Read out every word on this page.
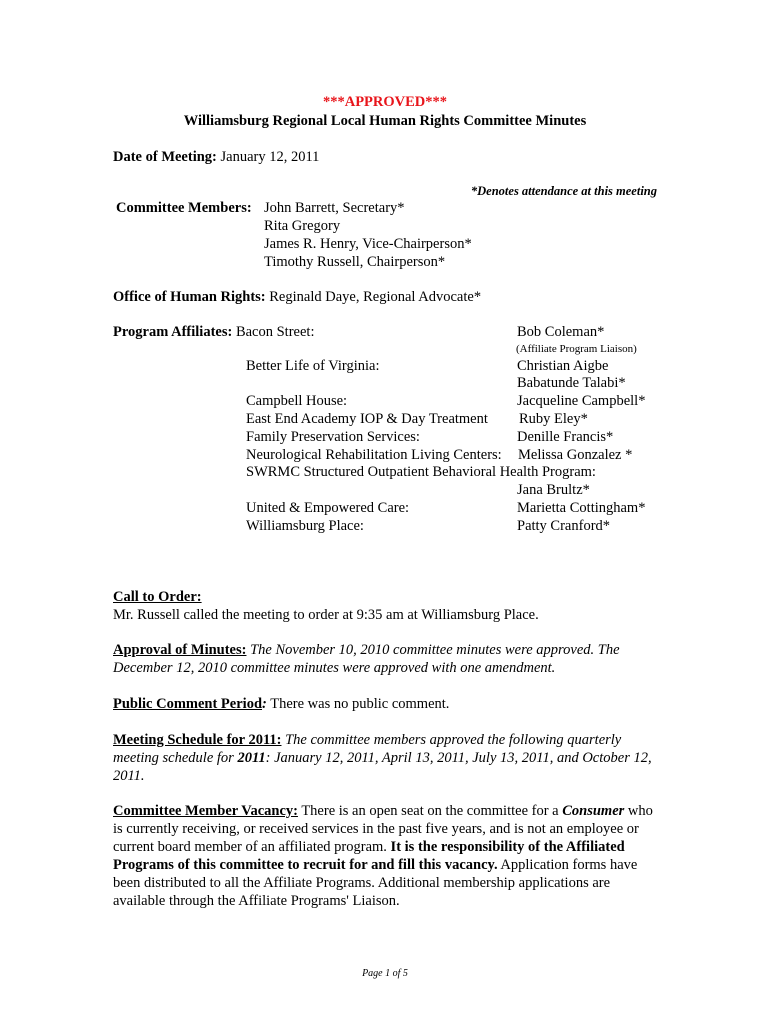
***APPROVED***
Williamsburg Regional Local Human Rights Committee Minutes
Date of Meeting: January 12, 2011
*Denotes attendance at this meeting
Committee Members: John Barrett, Secretary*
Rita Gregory
James R. Henry, Vice-Chairperson*
Timothy Russell, Chairperson*
Office of Human Rights: Reginald Daye, Regional Advocate*
Program Affiliates: Bacon Street:	Bob Coleman*
(Affiliate Program Liaison)
Better Life of Virginia:	Christian Aigbe
Babatunde Talabi*
Campbell House:	Jacqueline Campbell*
East End Academy IOP & Day Treatment Ruby Eley*
Family Preservation Services:	Denille Francis*
Neurological Rehabilitation Living Centers: Melissa Gonzalez *
SWRMC Structured Outpatient Behavioral Health Program:
Jana Brultz*
United & Empowered Care:	Marietta Cottingham*
Williamsburg Place:	Patty Cranford*
Call to Order:
Mr. Russell called the meeting to order at 9:35 am at Williamsburg Place.

Approval of Minutes: The November 10, 2010 committee minutes were approved. The December 12, 2010 committee minutes were approved with one amendment.

Public Comment Period: There was no public comment.

Meeting Schedule for 2011: The committee members approved the following quarterly meeting schedule for 2011: January 12, 2011, April 13, 2011, July 13, 2011, and October 12, 2011.

Committee Member Vacancy: There is an open seat on the committee for a Consumer who is currently receiving, or received services in the past five years, and is not an employee or current board member of an affiliated program. It is the responsibility of the Affiliated Programs of this committee to recruit for and fill this vacancy. Application forms have been distributed to all the Affiliate Programs. Additional membership applications are available through the Affiliate Programs' Liaison.

Page 1 of 5
